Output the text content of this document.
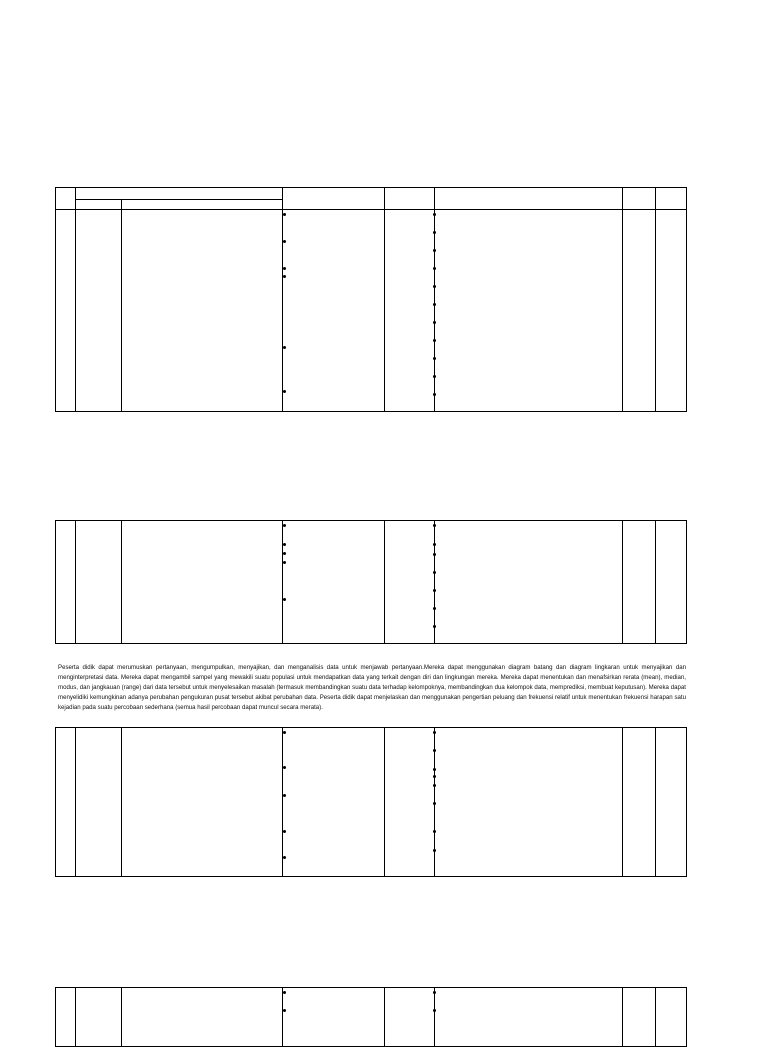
Peserta didik dapat merumuskan pertanyaan, mengumpulkan, menyajikan, dan menganalisis data untuk menjawab pertanyaan.Mereka dapat menggunakan diagram batang dan diagram lingkaran untuk menyajikan dan menginterpretasi data. Mereka dapat mengambil sampel yang mewakili suatu populasi untuk mendapatkan data yang terkait dengan diri dan lingkungan mereka. Mereka dapat menentukan dan menafsirkan rerata (mean), median, modus, dan jangkauan (range) dari data tersebut untuk menyelesaikan masalah (termasuk membandingkan suatu data terhadap kelompoknya, membandingkan dua kelompok data, memprediksi, membuat keputusan). Mereka dapat menyelidiki kemungkinan adanya perubahan pengukuran pusat tersebut akibat perubahan data. Peserta didik dapat menjelaskan dan menggunakan pengertian peluang dan frekuensi relatif untuk menentukan frekuensi harapan satu kejadian pada suatu percobaan sederhana (semua hasil percobaan dapat muncul secara merata).
